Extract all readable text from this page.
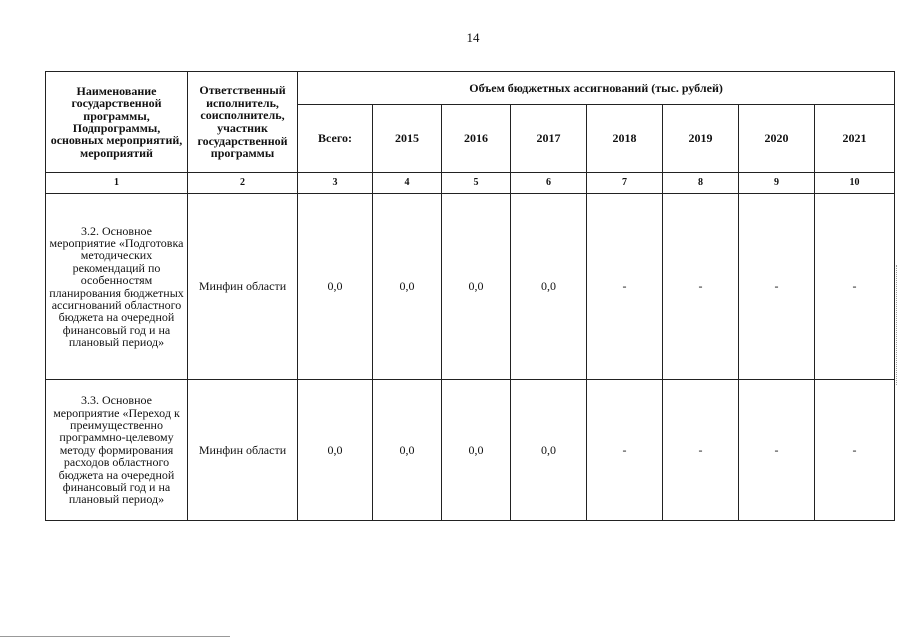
14
Наименование государственной программы, Подпрограммы, основных мероприятий, мероприятий	Ответственный исполнитель, соисполнитель, участник государственной программы	Объем бюджетных ассигнований (тыс. рублей)							
		Всего:	2015	2016	2017	2018	2019	2020	2021
1	2	3	4	5	6	7	8	9	10
3.2. Основное мероприятие «Подготовка методических рекомендаций по особенностям планирования бюджетных ассигнований областного бюджета на очередной финансовый год и на плановый период»	Минфин области	0,0	0,0	0,0	0,0	-	-	-	-
3.3. Основное мероприятие «Переход к преимущественно программно-целевому методу формирования расходов областного бюджета на очередной финансовый год и на плановый период»	Минфин области	0,0	0,0	0,0	0,0	-	-	-	-
